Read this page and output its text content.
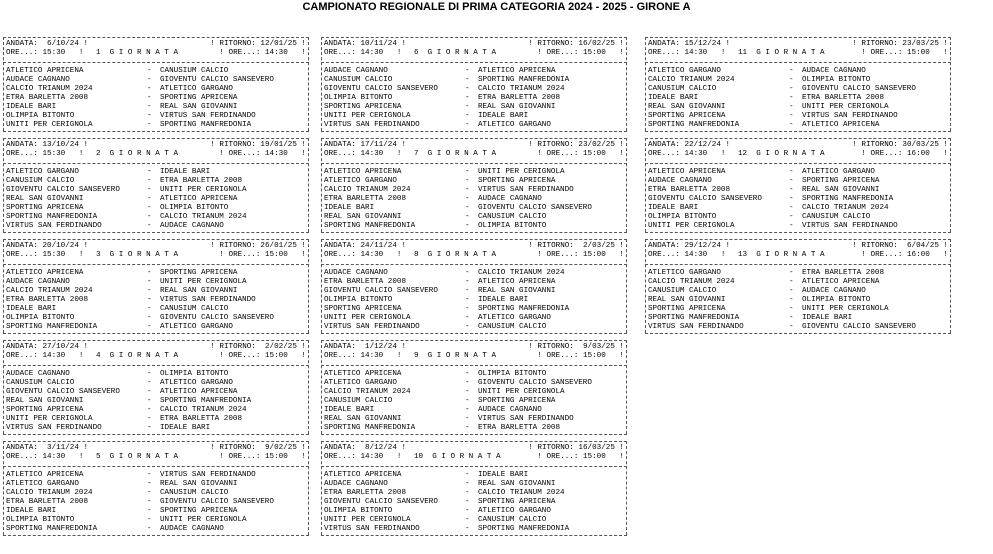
CAMPIONATO REGIONALE DI PRIMA CATEGORIA 2024 - 2025 - GIRONE A
ANDATA:  6/10/24 !	! RITORNO: 12/01/25 !
ORE...: 15:30   ! 1  G I O R N A T A	! ORE...: 14:30   !
ATLETICO APRICENA	- CANUSIUM CALCIO
AUDACE CAGNANO	- GIOVENTU CALCIO SANSEVERO
CALCIO TRIANUM 2024	- ATLETICO GARGANO
ETRA BARLETTA 2008	- SPORTING APRICENA
IDEALE BARI	- REAL SAN GIOVANNI
OLIMPIA BITONTO	- VIRTUS SAN FERDINANDO
UNITI PER CERIGNOLA	- SPORTING MANFREDONIA
ANDATA: 13/10/24 !	! RITORNO: 19/01/25 !
ORE...: 15:30   ! 2  G I O R N A T A	! ORE...: 14:30   !
ATLETICO GARGANO	- IDEALE BARI
CANUSIUM CALCIO	- ETRA BARLETTA 2008
GIOVENTU CALCIO SANSEVERO	- UNITI PER CERIGNOLA
REAL SAN GIOVANNI	- ATLETICO APRICENA
SPORTING APRICENA	- OLIMPIA BITONTO
SPORTING MANFREDONIA	- CALCIO TRIANUM 2024
VIRTUS SAN FERDINANDO	- AUDACE CAGNANO
ANDATA: 20/10/24 !	! RITORNO: 26/01/25 !
ORE...: 15:30   ! 3  G I O R N A T A	! ORE...: 15:00   !
ATLETICO APRICENA	- SPORTING APRICENA
AUDACE CAGNANO	- UNITI PER CERIGNOLA
CALCIO TRIANUM 2024	- REAL SAN GIOVANNI
ETRA BARLETTA 2008	- VIRTUS SAN FERDINANDO
IDEALE BARI	- CANUSIUM CALCIO
OLIMPIA BITONTO	- GIOVENTU CALCIO SANSEVERO
SPORTING MANFREDONIA	- ATLETICO GARGANO
ANDATA: 27/10/24 !	! RITORNO:  2/02/25 !
ORE...: 14:30   ! 4  G I O R N A T A	! ORE...: 15:00   !
AUDACE CAGNANO	- OLIMPIA BITONTO
CANUSIUM CALCIO	- ATLETICO GARGANO
GIOVENTU CALCIO SANSEVERO	- ATLETICO APRICENA
REAL SAN GIOVANNI	- SPORTING MANFREDONIA
SPORTING APRICENA	- CALCIO TRIANUM 2024
UNITI PER CERIGNOLA	- ETRA BARLETTA 2008
VIRTUS SAN FERDINANDO	- IDEALE BARI
ANDATA:  3/11/24 !	! RITORNO:  9/02/25 !
ORE...: 14:30   ! 5  G I O R N A T A	! ORE...: 15:00   !
ATLETICO APRICENA	- VIRTUS SAN FERDINANDO
ATLETICO GARGANO	- REAL SAN GIOVANNI
CALCIO TRIANUM 2024	- CANUSIUM CALCIO
ETRA BARLETTA 2008	- GIOVENTU CALCIO SANSEVERO
IDEALE BARI	- SPORTING APRICENA
OLIMPIA BITONTO	- UNITI PER CERIGNOLA
SPORTING MANFREDONIA	- AUDACE CAGNANO
ANDATA: 10/11/24 !	! RITORNO: 16/02/25 !
ORE...: 14:30   ! 6  G I O R N A T A	! ORE...: 15:00   !
AUDACE CAGNANO	- ATLETICO APRICENA
CANUSIUM CALCIO	- SPORTING MANFREDONIA
GIOVENTU CALCIO SANSEVERO	- CALCIO TRIANUM 2024
OLIMPIA BITONTO	- ETRA BARLETTA 2008
SPORTING APRICENA	- REAL SAN GIOVANNI
UNITI PER CERIGNOLA	- IDEALE BARI
VIRTUS SAN FERDINANDO	- ATLETICO GARGANO
ANDATA: 17/11/24 !	! RITORNO: 23/02/25 !
ORE...: 14:30   ! 7  G I O R N A T A	! ORE...: 15:00   !
ATLETICO APRICENA	- UNITI PER CERIGNOLA
ATLETICO GARGANO	- SPORTING APRICENA
CALCIO TRIANUM 2024	- VIRTUS SAN FERDINANDO
ETRA BARLETTA 2008	- AUDACE CAGNANO
IDEALE BARI	- GIOVENTU CALCIO SANSEVERO
REAL SAN GIOVANNI	- CANUSIUM CALCIO
SPORTING MANFREDONIA	- OLIMPIA BITONTO
ANDATA: 24/11/24 !	! RITORNO:  2/03/25 !
ORE...: 14:30   ! 8  G I O R N A T A	! ORE...: 15:00   !
AUDACE CAGNANO	- CALCIO TRIANUM 2024
ETRA BARLETTA 2008	- ATLETICO APRICENA
GIOVENTU CALCIO SANSEVERO	- REAL SAN GIOVANNI
OLIMPIA BITONTO	- IDEALE BARI
SPORTING APRICENA	- SPORTING MANFREDONIA
UNITI PER CERIGNOLA	- ATLETICO GARGANO
VIRTUS SAN FERDINANDO	- CANUSIUM CALCIO
ANDATA:  1/12/24 !	! RITORNO:  9/03/25 !
ORE...: 14:30   ! 9  G I O R N A T A	! ORE...: 15:00   !
ATLETICO APRICENA	- OLIMPIA BITONTO
ATLETICO GARGANO	- GIOVENTU CALCIO SANSEVERO
CALCIO TRIANUM 2024	- UNITI PER CERIGNOLA
CANUSIUM CALCIO	- SPORTING APRICENA
IDEALE BARI	- AUDACE CAGNANO
REAL SAN GIOVANNI	- VIRTUS SAN FERDINANDO
SPORTING MANFREDONIA	- ETRA BARLETTA 2008
ANDATA:  8/12/24 !	! RITORNO: 16/03/25 !
ORE...: 14:30   ! 10  G I O R N A T A	! ORE...: 15:00   !
ATLETICO APRICENA	- IDEALE BARI
AUDACE CAGNANO	- REAL SAN GIOVANNI
ETRA BARLETTA 2008	- CALCIO TRIANUM 2024
GIOVENTU CALCIO SANSEVERO	- SPORTING APRICENA
OLIMPIA BITONTO	- ATLETICO GARGANO
UNITI PER CERIGNOLA	- CANUSIUM CALCIO
VIRTUS SAN FERDINANDO	- SPORTING MANFREDONIA
ANDATA: 15/12/24 !	! RITORNO: 23/03/25 !
ORE...: 14:30   ! 11  G I O R N A T A	! ORE...: 15:00   !
ATLETICO GARGANO	- AUDACE CAGNANO
CALCIO TRIANUM 2024	- OLIMPIA BITONTO
CANUSIUM CALCIO	- GIOVENTU CALCIO SANSEVERO
IDEALE BARI	- ETRA BARLETTA 2008
REAL SAN GIOVANNI	- UNITI PER CERIGNOLA
SPORTING APRICENA	- VIRTUS SAN FERDINANDO
SPORTING MANFREDONIA	- ATLETICO APRICENA
ANDATA: 22/12/24 !	! RITORNO: 30/03/25 !
ORE...: 14:30   ! 12  G I O R N A T A	! ORE...: 16:00   !
ATLETICO APRICENA	- ATLETICO GARGANO
AUDACE CAGNANO	- SPORTING APRICENA
ETRA BARLETTA 2008	- REAL SAN GIOVANNI
GIOVENTU CALCIO SANSEVERO	- SPORTING MANFREDONIA
IDEALE BARI	- CALCIO TRIANUM 2024
OLIMPIA BITONTO	- CANUSIUM CALCIO
UNITI PER CERIGNOLA	- VIRTUS SAN FERDINANDO
ANDATA: 29/12/24 !	! RITORNO:  6/04/25 !
ORE...: 14:30   ! 13  G I O R N A T A	! ORE...: 16:00   !
ATLETICO GARGANO	- ETRA BARLETTA 2008
CALCIO TRIANUM 2024	- ATLETICO APRICENA
CANUSIUM CALCIO	- AUDACE CAGNANO
REAL SAN GIOVANNI	- OLIMPIA BITONTO
SPORTING APRICENA	- UNITI PER CERIGNOLA
SPORTING MANFREDONIA	- IDEALE BARI
VIRTUS SAN FERDINANDO	- GIOVENTU CALCIO SANSEVERO
